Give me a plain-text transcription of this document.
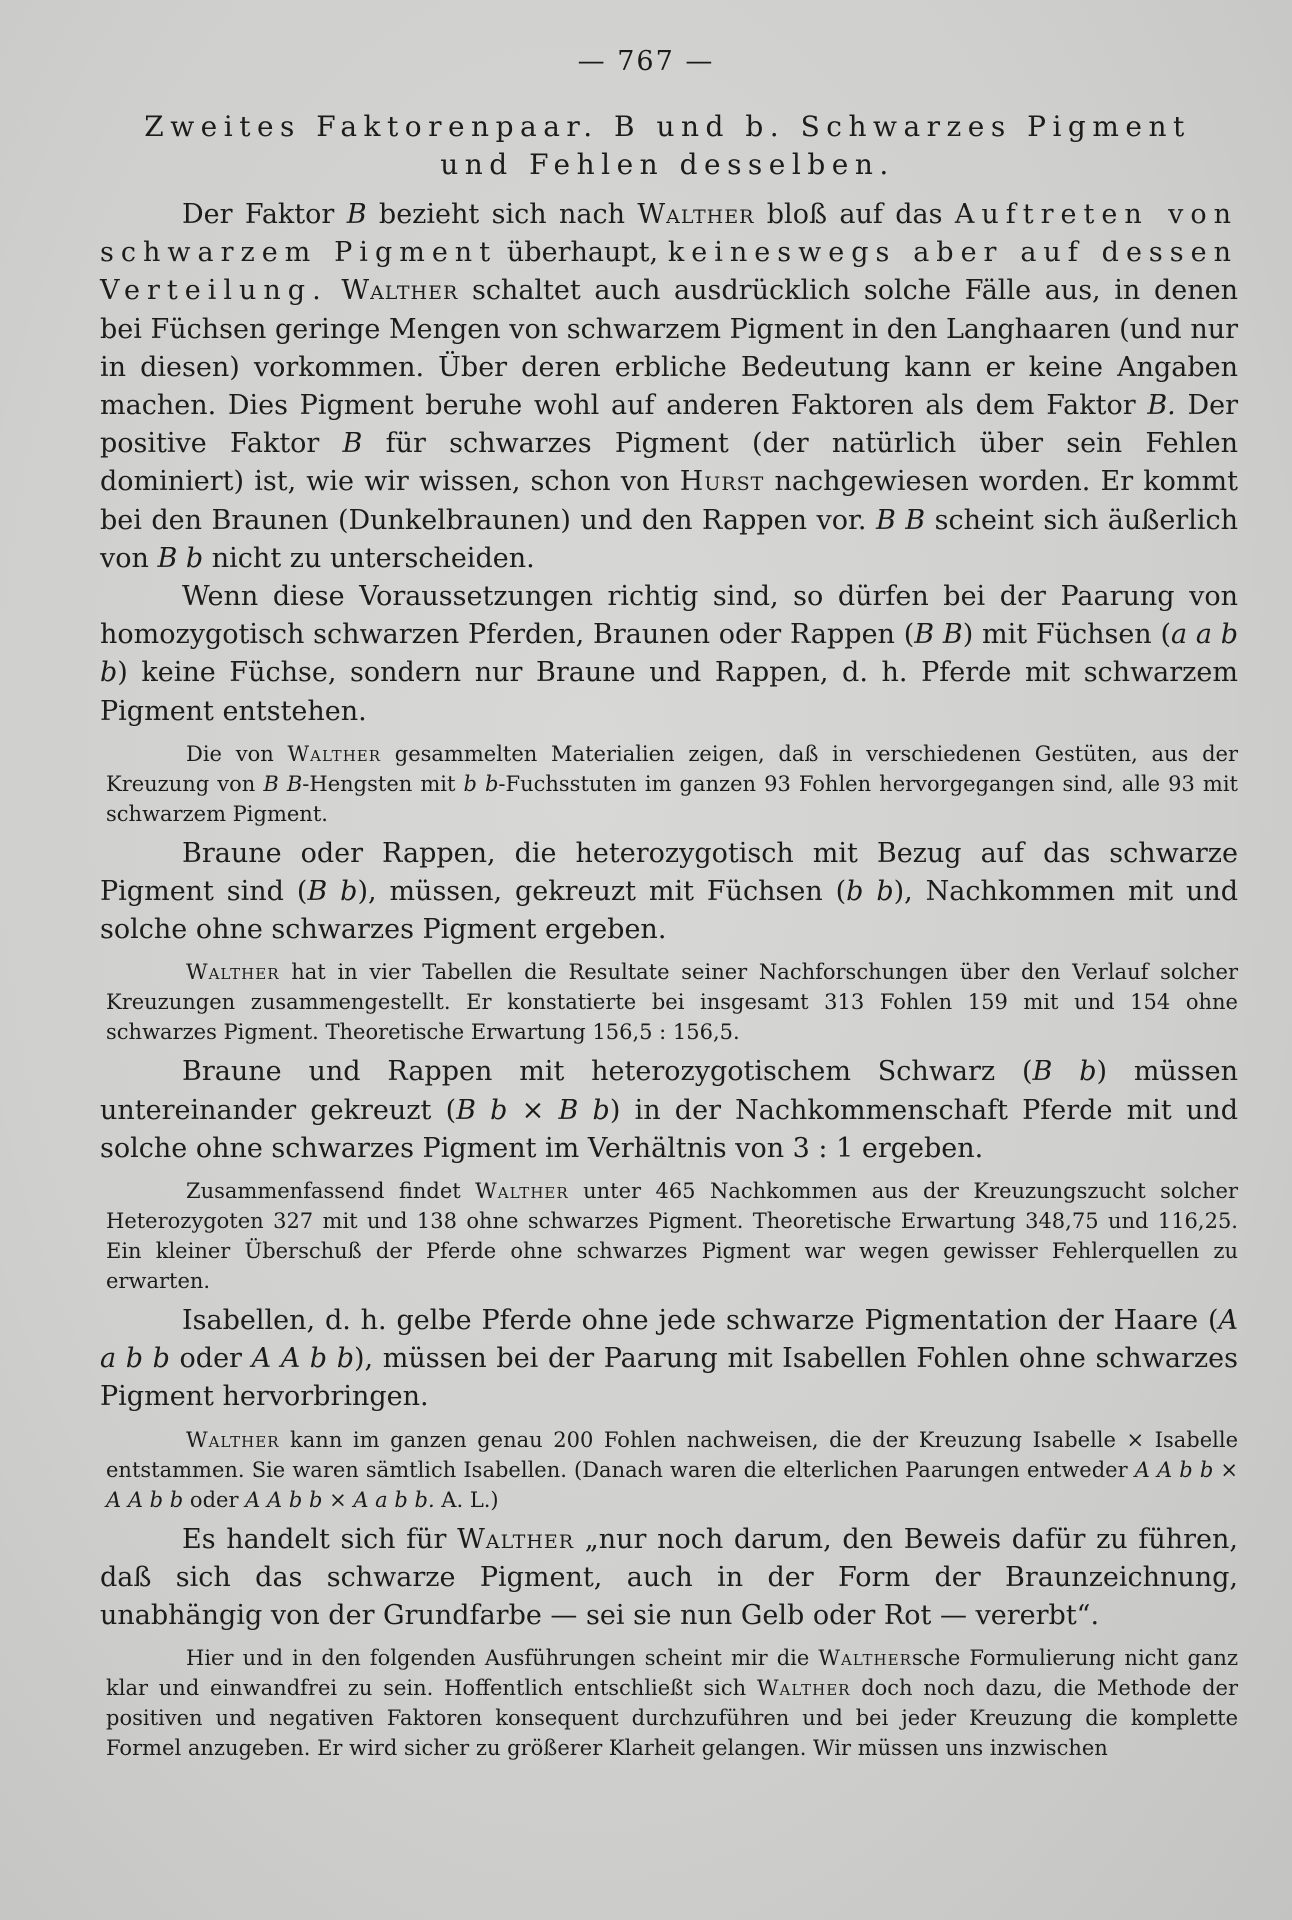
— 767 —
Zweites Faktorenpaar. B und b. Schwarzes Pigment und Fehlen desselben.

Der Faktor B bezieht sich nach Walther bloß auf das Auftreten von schwarzem Pigment überhaupt, keineswegs aber auf dessen Verteilung. Walther schaltet auch ausdrücklich solche Fälle aus, in denen bei Füchsen geringe Mengen von schwarzem Pigment in den Langhaaren (und nur in diesen) vorkommen. Über deren erbliche Bedeutung kann er keine Angaben machen. Dies Pigment beruhe wohl auf anderen Faktoren als dem Faktor B. Der positive Faktor B für schwarzes Pigment (der natürlich über sein Fehlen dominiert) ist, wie wir wissen, schon von Hurst nachgewiesen worden. Er kommt bei den Braunen (Dunkelbraunen) und den Rappen vor. B B scheint sich äußerlich von B b nicht zu unterscheiden.

Wenn diese Voraussetzungen richtig sind, so dürfen bei der Paarung von homozygotisch schwarzen Pferden, Braunen oder Rappen (B B) mit Füchsen (a a b b) keine Füchse, sondern nur Braune und Rappen, d. h. Pferde mit schwarzem Pigment entstehen.

Die von Walther gesammelten Materialien zeigen, daß in verschiedenen Gestüten, aus der Kreuzung von B B-Hengsten mit b b-Fuchsstuten im ganzen 93 Fohlen hervorgegangen sind, alle 93 mit schwarzem Pigment.

Braune oder Rappen, die heterozygotisch mit Bezug auf das schwarze Pigment sind (B b), müssen, gekreuzt mit Füchsen (b b), Nachkommen mit und solche ohne schwarzes Pigment ergeben.

Walther hat in vier Tabellen die Resultate seiner Nachforschungen über den Verlauf solcher Kreuzungen zusammengestellt. Er konstatierte bei insgesamt 313 Fohlen 159 mit und 154 ohne schwarzes Pigment. Theoretische Erwartung 156,5 : 156,5.

Braune und Rappen mit heterozygotischem Schwarz (B b) müssen untereinander gekreuzt (B b × B b) in der Nachkommenschaft Pferde mit und solche ohne schwarzes Pigment im Verhältnis von 3 : 1 ergeben.

Zusammenfassend findet Walther unter 465 Nachkommen aus der Kreuzungszucht solcher Heterozygoten 327 mit und 138 ohne schwarzes Pigment. Theoretische Erwartung 348,75 und 116,25. Ein kleiner Überschuß der Pferde ohne schwarzes Pigment war wegen gewisser Fehlerquellen zu erwarten.

Isabellen, d. h. gelbe Pferde ohne jede schwarze Pigmentation der Haare (A a b b oder A A b b), müssen bei der Paarung mit Isabellen Fohlen ohne schwarzes Pigment hervorbringen.

Walther kann im ganzen genau 200 Fohlen nachweisen, die der Kreuzung Isabelle × Isabelle entstammen. Sie waren sämtlich Isabellen. (Danach waren die elterlichen Paarungen entweder A A b b × A A b b oder A A b b × A a b b. A. L.)

Es handelt sich für Walther „nur noch darum, den Beweis dafür zu führen, daß sich das schwarze Pigment, auch in der Form der Braunzeichnung, unabhängig von der Grundfarbe — sei sie nun Gelb oder Rot — vererbt“.

Hier und in den folgenden Ausführungen scheint mir die Walthersche Formulierung nicht ganz klar und einwandfrei zu sein. Hoffentlich entschließt sich Walther doch noch dazu, die Methode der positiven und negativen Faktoren konsequent durchzuführen und bei jeder Kreuzung die komplette Formel anzugeben. Er wird sicher zu größerer Klarheit gelangen. Wir müssen uns inzwischen
